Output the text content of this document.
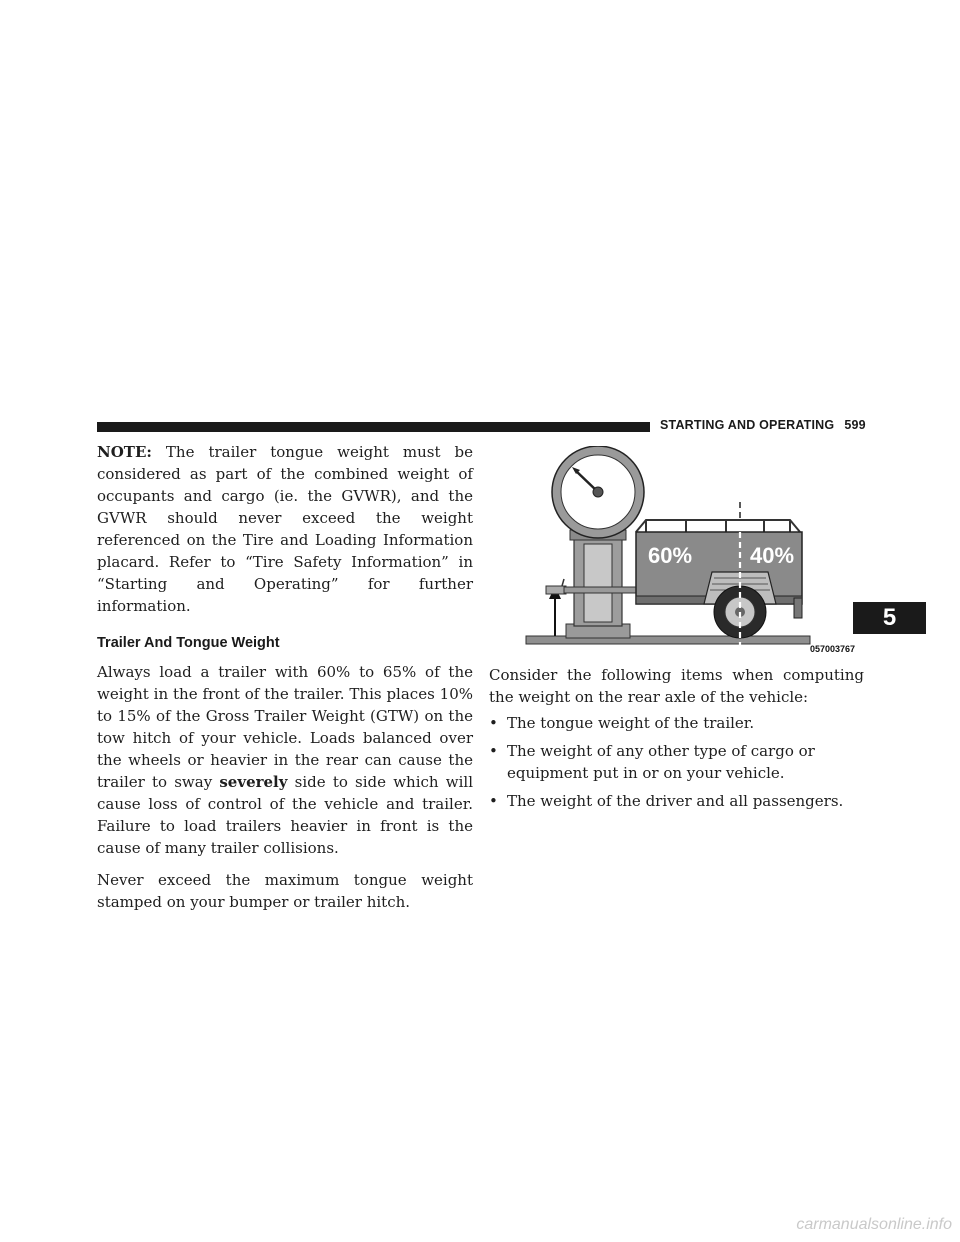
STARTING AND OPERATING 599

NOTE: The trailer tongue weight must be considered as part of the combined weight of occupants and cargo (ie. the GVWR), and the GVWR should never exceed the weight referenced on the Tire and Loading Information placard. Refer to “Tire Safety Information” in “Starting and Operating” for further information.

Trailer And Tongue Weight

Always load a trailer with 60% to 65% of the weight in the front of the trailer. This places 10% to 15% of the Gross Trailer Weight (GTW) on the tow hitch of your vehicle. Loads balanced over the wheels or heavier in the rear can cause the trailer to sway severely side to side which will cause loss of control of the vehicle and trailer. Failure to load trailers heavier in front is the cause of many trailer collisions.

Never exceed the maximum tongue weight stamped on your bumper or trailer hitch.

60%	40%
057003767
5

Consider the following items when computing the weight on the rear axle of the vehicle:

• The tongue weight of the trailer.
• The weight of any other type of cargo or equipment put in or on your vehicle.
• The weight of the driver and all passengers.
carmanualsonline.info
